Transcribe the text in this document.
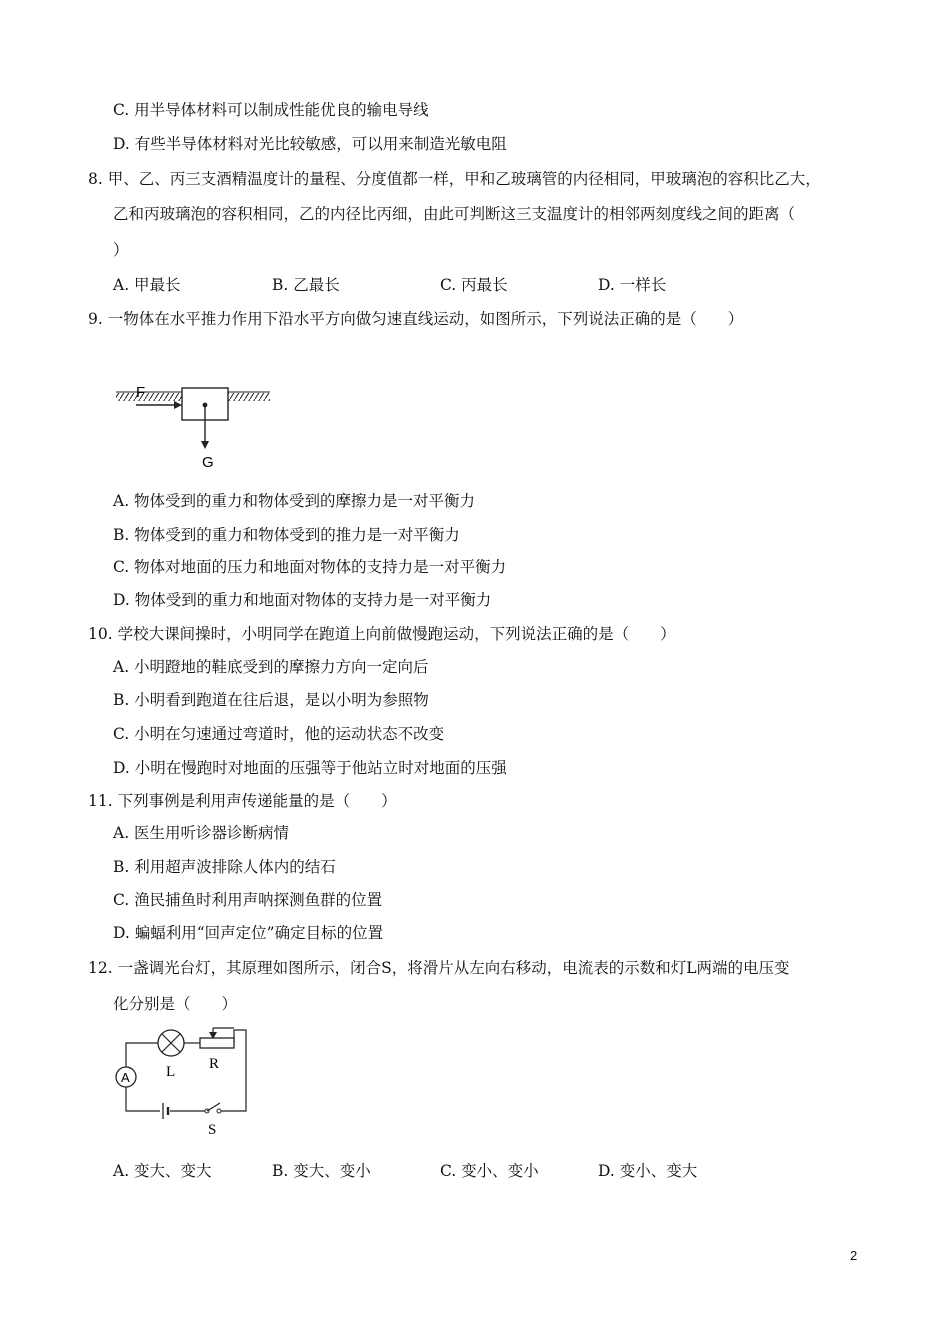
C. 用半导体材料可以制成性能优良的输电导线
D. 有些半导体材料对光比较敏感，可以用来制造光敏电阻
8. 甲、乙、丙三支酒精温度计的量程、分度值都一样，甲和乙玻璃管的内径相同，甲玻璃泡的容积比乙大，
乙和丙玻璃泡的容积相同，乙的内径比丙细，由此可判断这三支温度计的相邻两刻度线之间的距离（
）
A. 甲最长	B. 乙最长	C. 丙最长	D. 一样长
9. 一物体在水平推力作用下沿水平方向做匀速直线运动，如图所示，下列说法正确的是（　　）
F
G
A. 物体受到的重力和物体受到的摩擦力是一对平衡力
B. 物体受到的重力和物体受到的推力是一对平衡力
C. 物体对地面的压力和地面对物体的支持力是一对平衡力
D. 物体受到的重力和地面对物体的支持力是一对平衡力
10. 学校大课间操时，小明同学在跑道上向前做慢跑运动，下列说法正确的是（　　）
A. 小明蹬地的鞋底受到的摩擦力方向一定向后
B. 小明看到跑道在往后退，是以小明为参照物
C. 小明在匀速通过弯道时，他的运动状态不改变
D. 小明在慢跑时对地面的压强等于他站立时对地面的压强
11. 下列事例是利用声传递能量的是（　　）
A. 医生用听诊器诊断病情
B. 利用超声波排除人体内的结石
C. 渔民捕鱼时利用声呐探测鱼群的位置
D. 蝙蝠利用“回声定位”确定目标的位置
12. 一盏调光台灯，其原理如图所示，闭合S，将滑片从左向右移动，电流表的示数和灯L两端的电压变
化分别是（　　）
A L R
S
A. 变大、变大	B. 变大、变小	C. 变小、变小	D. 变小、变大
2
